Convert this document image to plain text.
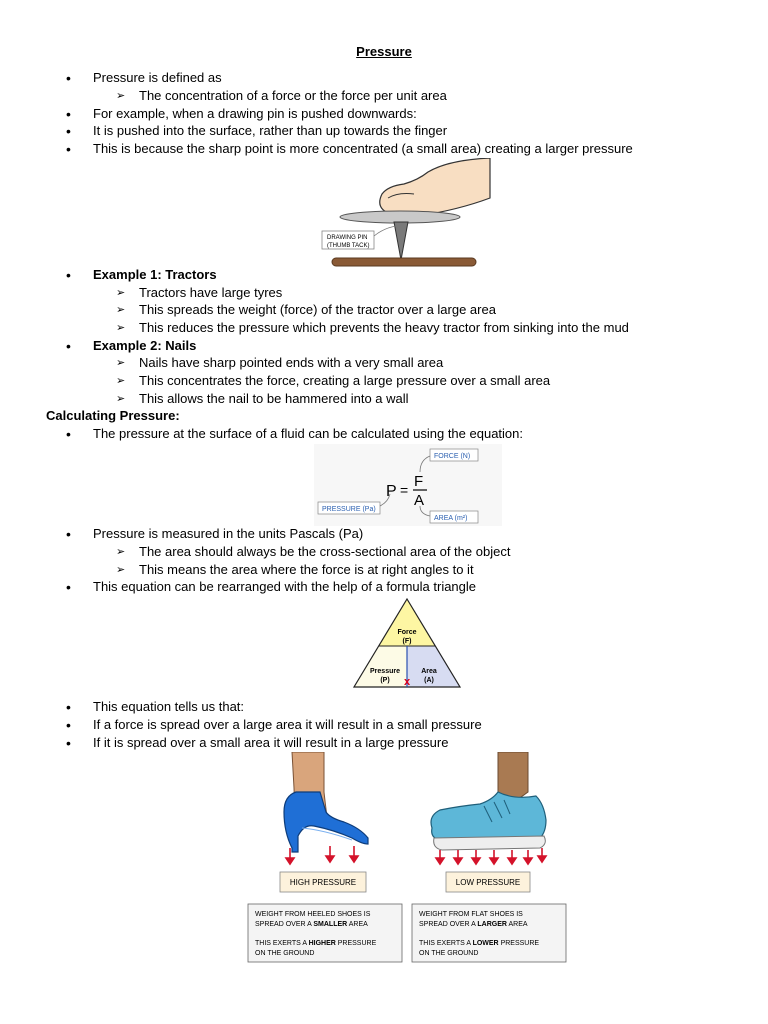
Pressure
•	Pressure is defined as
➢	The concentration of a force or the force per unit area
•	For example, when a drawing pin is pushed downwards:
•	It is pushed into the surface, rather than up towards the finger
•	This is because the sharp point is more concentrated (a small area) creating a larger pressure
DRAWING PIN
(THUMB TACK)
•	Example 1: Tractors
➢	Tractors have large tyres
➢	This spreads the weight (force) of the tractor over a large area
➢	This reduces the pressure which prevents the heavy tractor from sinking into the mud
•	Example 2: Nails
➢	Nails have sharp pointed ends with a very small area
➢	This concentrates the force, creating a large pressure over a small area
➢	This allows the nail to be hammered into a wall
Calculating Pressure:
•	The pressure at the surface of a fluid can be calculated using the equation:
P = F
A
FORCE (N)
PRESSURE (Pa)
AREA (m²)
•	Pressure is measured in the units Pascals (Pa)
➢	The area should always be the cross-sectional area of the object
➢	This means the area where the force is at right angles to it
•	This equation can be rearranged with the help of a formula triangle
Force
(F)
Pressure
(P)
Area
(A)
x
•	This equation tells us that:
•	If a force is spread over a large area it will result in a small pressure
•	If it is spread over a small area it will result in a large pressure
HIGH PRESSURE	LOW PRESSURE
WEIGHT FROM HEELED SHOES IS
SPREAD OVER A SMALLER AREA
THIS EXERTS A HIGHER PRESSURE
ON THE GROUND
WEIGHT FROM FLAT SHOES IS
SPREAD OVER A LARGER AREA
THIS EXERTS A LOWER PRESSURE
ON THE GROUND
